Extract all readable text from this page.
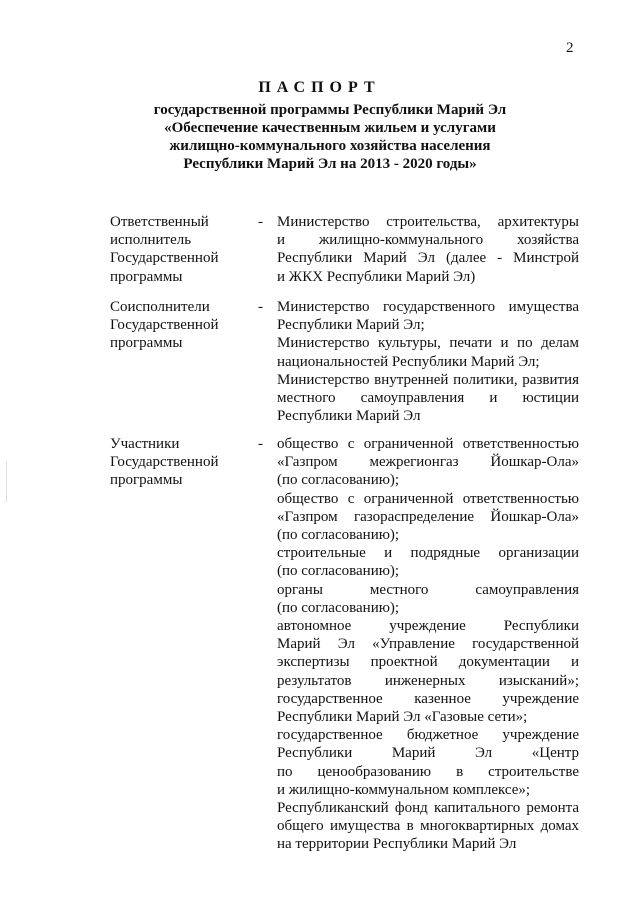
2
ПАСПОРТ
государственной программы Республики Марий Эл
«Обеспечение качественным жильем и услугами
жилищно-коммунального хозяйства населения
Республики Марий Эл на 2013 - 2020 годы»
Ответственный
исполнитель
Государственной
программы
- Министерство строительства, архитектуры
и жилищно-коммунального хозяйства
Республики Марий Эл (далее - Минстрой
и ЖКХ Республики Марий Эл)
Соисполнители
Государственной
программы
- Министерство государственного имущества
Республики Марий Эл;
Министерство культуры, печати и по делам
национальностей Республики Марий Эл;
Министерство внутренней политики, развития
местного самоуправления и юстиции
Республики Марий Эл
Участники
Государственной
программы
- общество с ограниченной ответственностью
«Газпром межрегионгаз Йошкар-Ола»
(по согласованию);
общество с ограниченной ответственностью
«Газпром газораспределение Йошкар-Ола»
(по согласованию);
строительные и подрядные организации
(по согласованию);
органы местного самоуправления
(по согласованию);
автономное учреждение Республики
Марий Эл «Управление государственной
экспертизы проектной документации и
результатов инженерных изысканий»;
государственное казенное учреждение
Республики Марий Эл «Газовые сети»;
государственное бюджетное учреждение
Республики Марий Эл «Центр
по ценообразованию в строительстве
и жилищно-коммунальном комплексе»;
Республиканский фонд капитального ремонта
общего имущества в многоквартирных домах
на территории Республики Марий Эл
